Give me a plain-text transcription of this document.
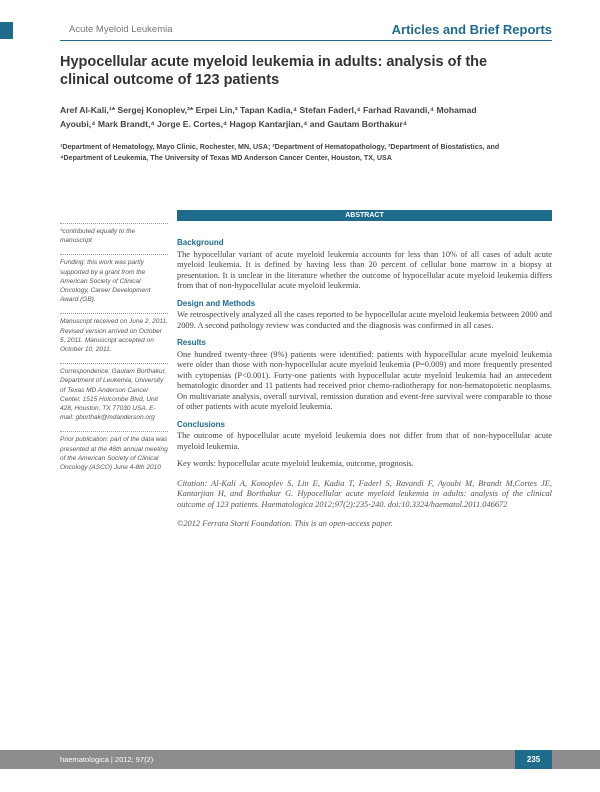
Acute Myeloid Leukemia	Articles and Brief Reports
Hypocellular acute myeloid leukemia in adults: analysis of the clinical outcome of 123 patients
Aref Al-Kali,¹* Sergej Konoplev,²* Erpei Lin,³ Tapan Kadia,⁴ Stefan Faderl,⁴ Farhad Ravandi,⁴ Mohamad Ayoubi,⁴ Mark Brandt,⁴ Jorge E. Cortes,⁴ Hagop Kantarjian,⁴ and Gautam Borthakur⁴
¹Department of Hematology, Mayo Clinic, Rochester, MN, USA; ²Department of Hematopathology, ³Department of Biostatistics, and ⁴Department of Leukemia, The University of Texas MD Anderson Cancer Center, Houston, TX, USA
*contributed equally to the manuscript
Funding: this work was partly supported by a grant from the American Society of Clinical Oncology, Career Development Award (GB).
Manuscript received on June 2, 2011. Revised version arrived on October 5, 2011. Manuscript accepted on October 10, 2011.
Correspondence: Gautam Borthakur, Department of Leukemia, University of Texas MD Anderson Cancer Center, 1515 Holcombe Blvd, Unit 428, Houston, TX 77030 USA. E-mail: gborthak@mdanderson.org
Prior publication: part of the data was presented at the 46th annual meeting of the American Society of Clinical Oncology (ASCO) June 4-8th 2010
ABSTRACT

Background

The hypocellular variant of acute myeloid leukemia accounts for less than 10% of all cases of adult acute myeloid leukemia. It is defined by having less than 20 percent of cellular bone marrow in a biopsy at presentation. It is unclear in the literature whether the outcome of hypocellular acute myeloid leukemia differs from that of non-hypocellular acute myeloid leukemia.

Design and Methods

We retrospectively analyzed all the cases reported to be hypocellular acute myeloid leukemia between 2000 and 2009. A second pathology review was conducted and the diagnosis was confirmed in all cases.

Results

One hundred twenty-three (9%) patients were identified: patients with hypocellular acute myeloid leukemia were older than those with non-hypocellular acute myeloid leukemia (P=0.009) and more frequently presented with cytopenias (P<0.001). Forty-one patients with hypocellular acute myeloid leukemia had an antecedent hematologic disorder and 11 patients had received prior chemo-radiotherapy for non-hematopoietic neoplasms. On multivariate analysis, overall survival, remission duration and event-free survival were comparable to those of other patients with acute myeloid leukemia.

Conclusions

The outcome of hypocellular acute myeloid leukemia does not differ from that of non-hypocellular acute myeloid leukemia.

Key words: hypocellular acute myeloid leukemia, outcome, prognosis.

Citation: Al-Kali A, Konoplev S, Lin E, Kadia T, Faderl S, Ravandi F, Ayoubi M, Brandt M,Cortes JE, Kantarjian H, and Borthakur G. Hypocellular acute myeloid leukemia in adults: analysis of the clinical outcome of 123 patients. Haematologica 2012;97(2):235-240. doi:10.3324/haematol.2011.046672

©2012 Ferrata Storti Foundation. This is an open-access paper.

haematologica | 2012; 97(2)	235
